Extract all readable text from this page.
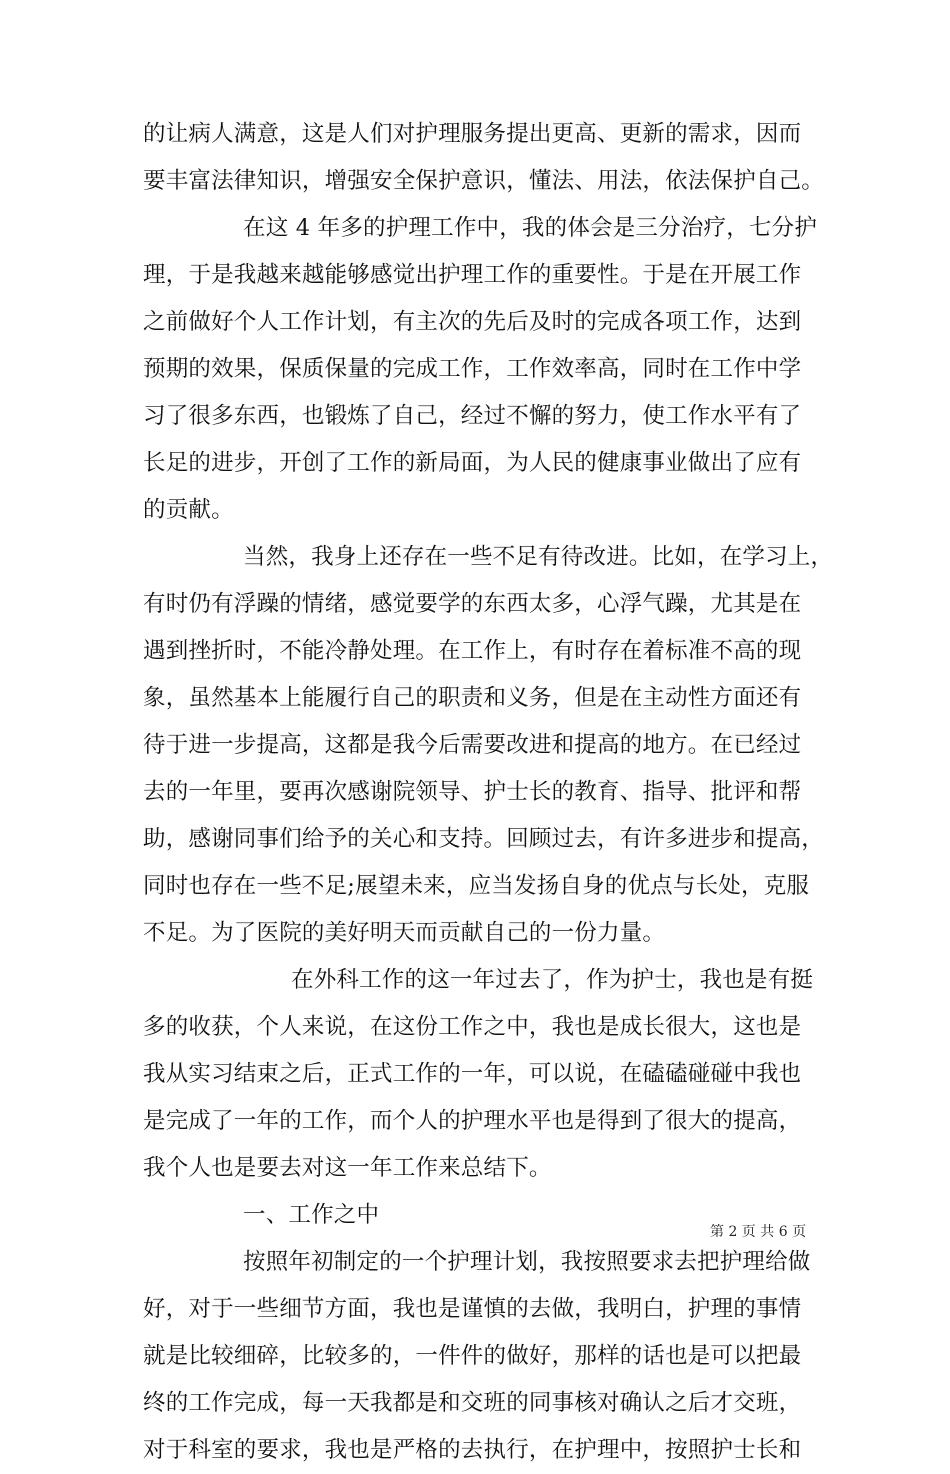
的让病人满意，这是人们对护理服务提出更高、更新的需求，因而
要丰富法律知识，增强安全保护意识，懂法、用法，依法保护自己。
在这 4 年多的护理工作中，我的体会是三分治疗，七分护
理，于是我越来越能够感觉出护理工作的重要性。于是在开展工作
之前做好个人工作计划，有主次的先后及时的完成各项工作，达到
预期的效果，保质保量的完成工作，工作效率高，同时在工作中学
习了很多东西，也锻炼了自己，经过不懈的努力，使工作水平有了
长足的进步，开创了工作的新局面，为人民的健康事业做出了应有
的贡献。
当然，我身上还存在一些不足有待改进。比如，在学习上，
有时仍有浮躁的情绪，感觉要学的东西太多，心浮气躁，尤其是在
遇到挫折时，不能冷静处理。在工作上，有时存在着标准不高的现
象，虽然基本上能履行自己的职责和义务，但是在主动性方面还有
待于进一步提高，这都是我今后需要改进和提高的地方。在已经过
去的一年里，要再次感谢院领导、护士长的教育、指导、批评和帮
助，感谢同事们给予的关心和支持。回顾过去，有许多进步和提高，
同时也存在一些不足;展望未来，应当发扬自身的优点与长处，克服
不足。为了医院的美好明天而贡献自己的一份力量。
在外科工作的这一年过去了，作为护士，我也是有挺
多的收获，个人来说，在这份工作之中，我也是成长很大，这也是
我从实习结束之后，正式工作的一年，可以说，在磕磕碰碰中我也
是完成了一年的工作，而个人的护理水平也是得到了很大的提高，
我个人也是要去对这一年工作来总结下。
一、工作之中
按照年初制定的一个护理计划，我按照要求去把护理给做
好，对于一些细节方面，我也是谨慎的去做，我明白，护理的事情
就是比较细碎，比较多的，一件件的做好，那样的话也是可以把最
终的工作完成，每一天我都是和交班的同事核对确认之后才交班，
对于科室的要求，我也是严格的去执行，在护理中，按照护士长和
第 2 页 共 6 页
